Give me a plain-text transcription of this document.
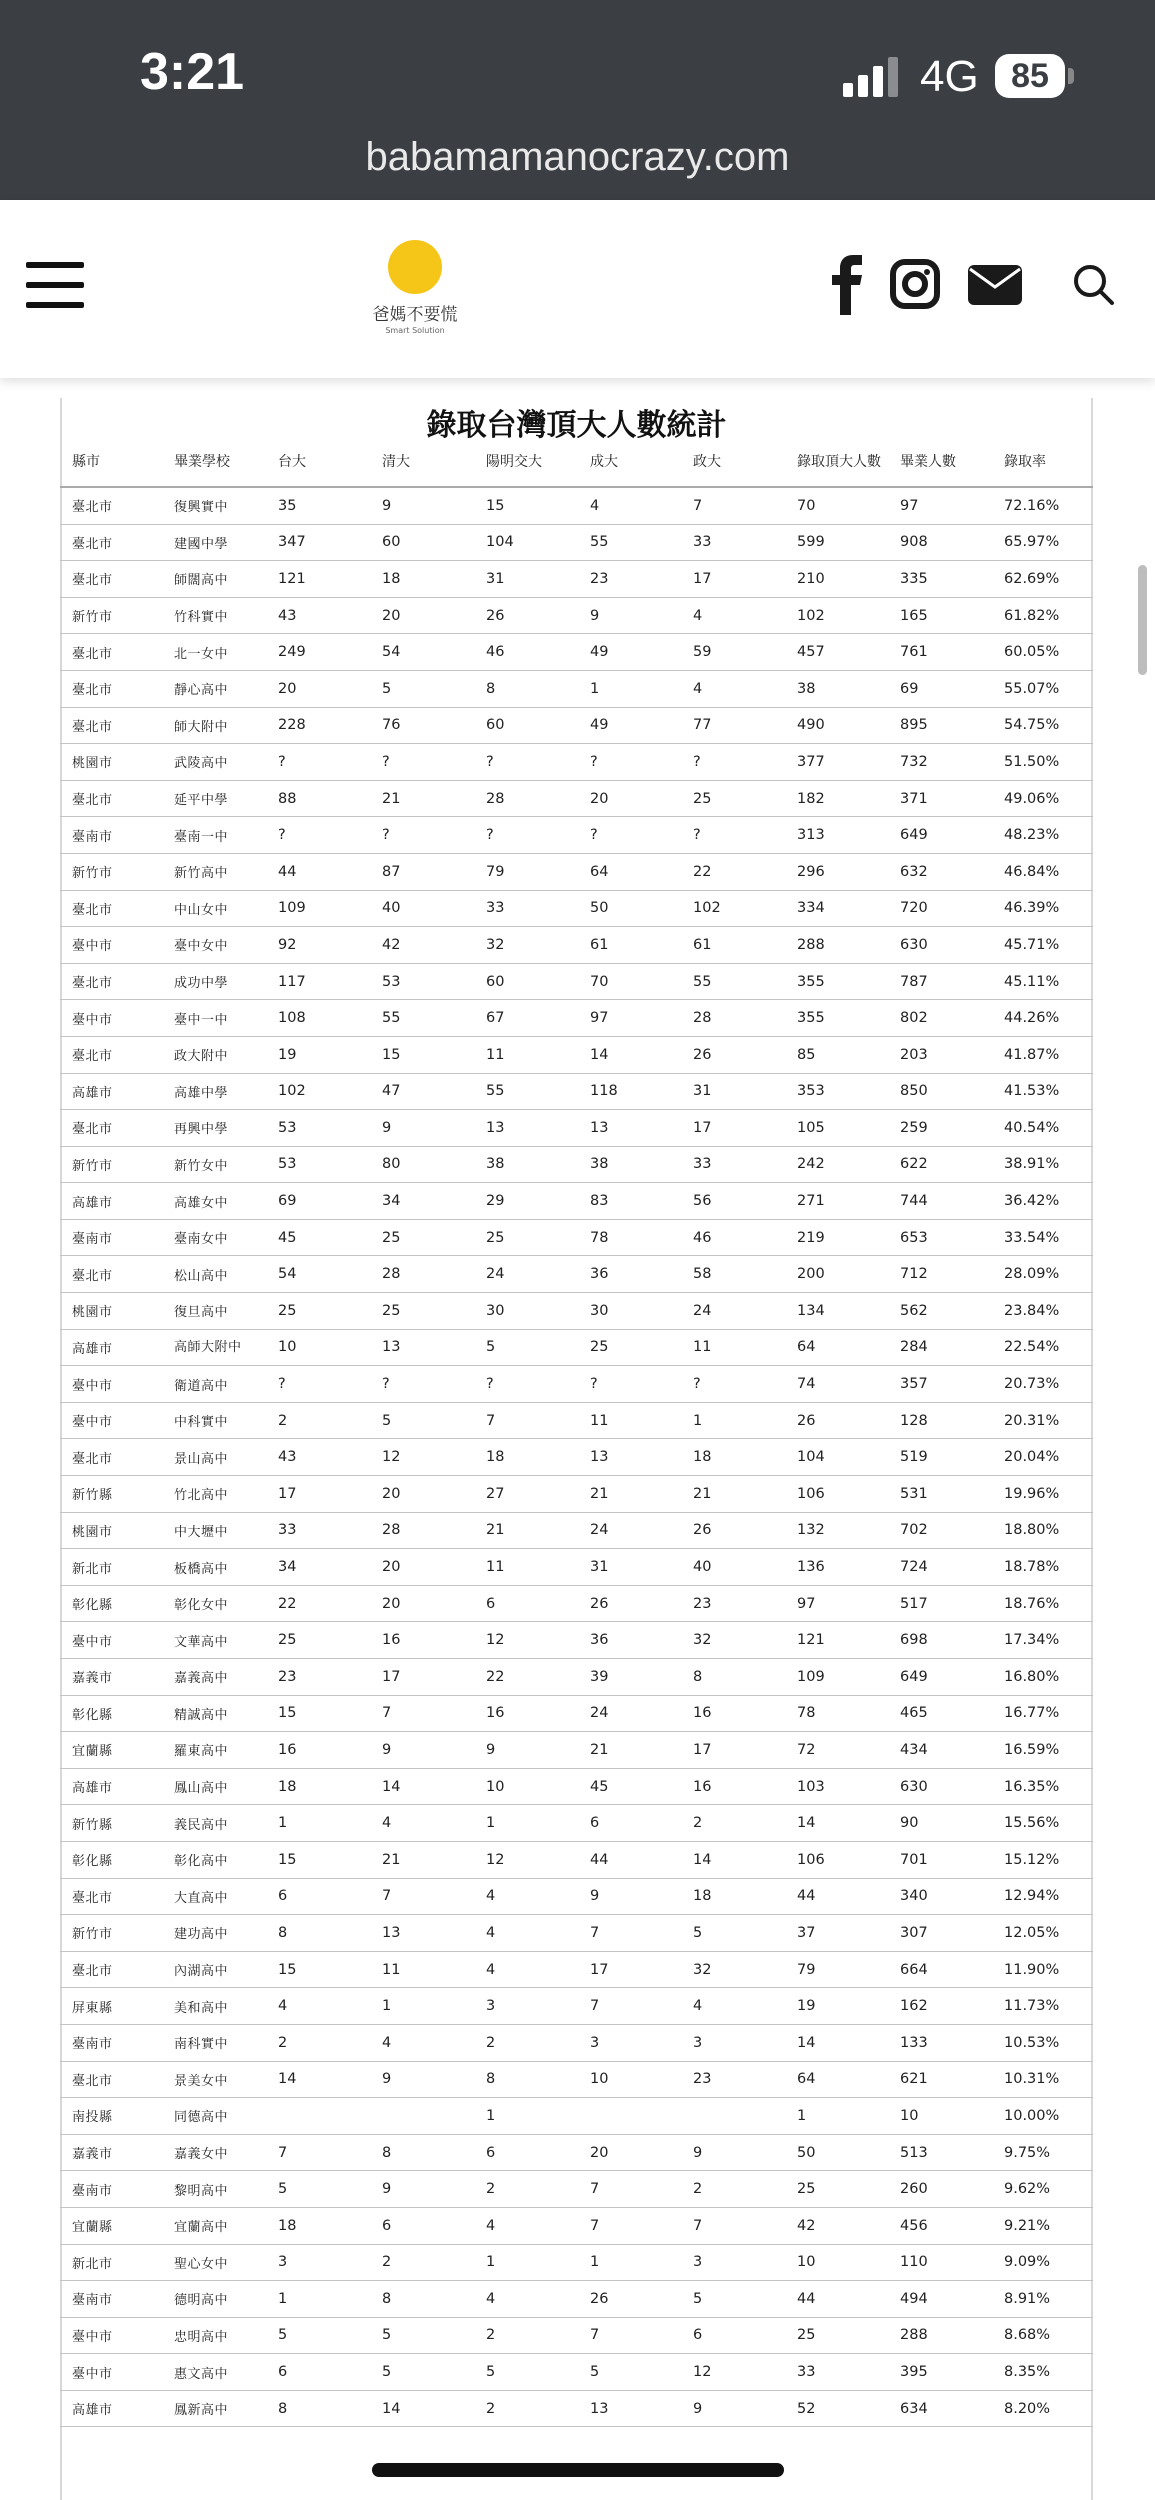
3:21	4G 85
babamamanocrazy.com
爸媽不要慌
Smart Solution
錄取台灣頂大人數統計
縣市	畢業學校	台大	清大	陽明交大	成大	政大	錄取頂大人數	畢業人數	錄取率
臺北市	復興實中	35	9	15	4	7	70	97	72.16%
臺北市	建國中學	347	60	104	55	33	599	908	65.97%
臺北市	師闊高中	121	18	31	23	17	210	335	62.69%
新竹市	竹科實中	43	20	26	9	4	102	165	61.82%
臺北市	北一女中	249	54	46	49	59	457	761	60.05%
臺北市	靜心高中	20	5	8	1	4	38	69	55.07%
臺北市	師大附中	228	76	60	49	77	490	895	54.75%
桃園市	武陵高中	?	?	?	?	?	377	732	51.50%
臺北市	延平中學	88	21	28	20	25	182	371	49.06%
臺南市	臺南一中	?	?	?	?	?	313	649	48.23%
新竹市	新竹高中	44	87	79	64	22	296	632	46.84%
臺北市	中山女中	109	40	33	50	102	334	720	46.39%
臺中市	臺中女中	92	42	32	61	61	288	630	45.71%
臺北市	成功中學	117	53	60	70	55	355	787	45.11%
臺中市	臺中一中	108	55	67	97	28	355	802	44.26%
臺北市	政大附中	19	15	11	14	26	85	203	41.87%
高雄市	高雄中學	102	47	55	118	31	353	850	41.53%
臺北市	再興中學	53	9	13	13	17	105	259	40.54%
新竹市	新竹女中	53	80	38	38	33	242	622	38.91%
高雄市	高雄女中	69	34	29	83	56	271	744	36.42%
臺南市	臺南女中	45	25	25	78	46	219	653	33.54%
臺北市	松山高中	54	28	24	36	58	200	712	28.09%
桃園市	復旦高中	25	25	30	30	24	134	562	23.84%
高雄市	高師大附中	10	13	5	25	11	64	284	22.54%
臺中市	衛道高中	?	?	?	?	?	74	357	20.73%
臺中市	中科實中	2	5	7	11	1	26	128	20.31%
臺北市	景山高中	43	12	18	13	18	104	519	20.04%
新竹縣	竹北高中	17	20	27	21	21	106	531	19.96%
桃園市	中大壢中	33	28	21	24	26	132	702	18.80%
新北市	板橋高中	34	20	11	31	40	136	724	18.78%
彰化縣	彰化女中	22	20	6	26	23	97	517	18.76%
臺中市	文華高中	25	16	12	36	32	121	698	17.34%
嘉義市	嘉義高中	23	17	22	39	8	109	649	16.80%
彰化縣	精誠高中	15	7	16	24	16	78	465	16.77%
宜蘭縣	羅東高中	16	9	9	21	17	72	434	16.59%
高雄市	鳳山高中	18	14	10	45	16	103	630	16.35%
新竹縣	義民高中	1	4	1	6	2	14	90	15.56%
彰化縣	彰化高中	15	21	12	44	14	106	701	15.12%
臺北市	大直高中	6	7	4	9	18	44	340	12.94%
新竹市	建功高中	8	13	4	7	5	37	307	12.05%
臺北市	內湖高中	15	11	4	17	32	79	664	11.90%
屏東縣	美和高中	4	1	3	7	4	19	162	11.73%
臺南市	南科實中	2	4	2	3	3	14	133	10.53%
臺北市	景美女中	14	9	8	10	23	64	621	10.31%
南投縣	同德高中			1			1	10	10.00%
嘉義市	嘉義女中	7	8	6	20	9	50	513	9.75%
臺南市	黎明高中	5	9	2	7	2	25	260	9.62%
宜蘭縣	宜蘭高中	18	6	4	7	7	42	456	9.21%
新北市	聖心女中	3	2	1	1	3	10	110	9.09%
臺南市	德明高中	1	8	4	26	5	44	494	8.91%
臺中市	忠明高中	5	5	2	7	6	25	288	8.68%
臺中市	惠文高中	6	5	5	5	12	33	395	8.35%
高雄市	鳳新高中	8	14	2	13	9	52	634	8.20%
